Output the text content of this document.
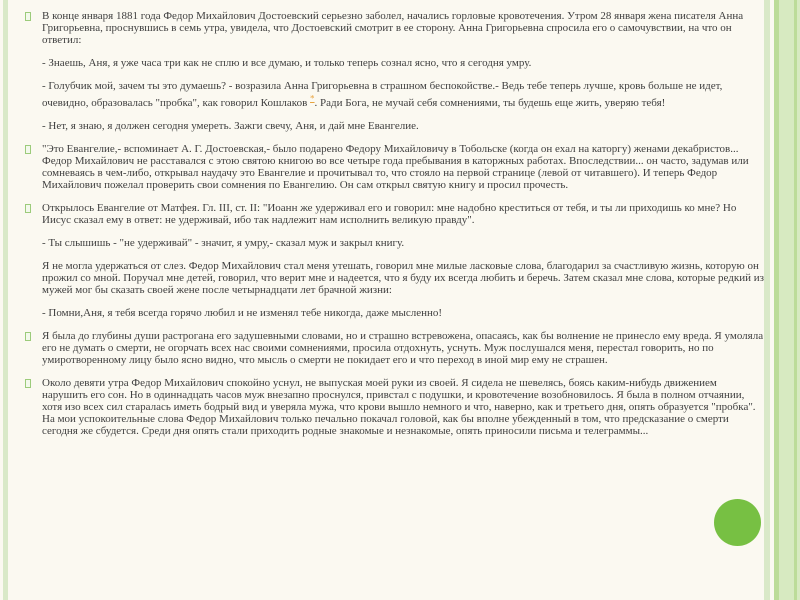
В конце января 1881 года Федор Михайлович Достоевский серьезно заболел, начались горловые кровотечения. Утром 28 января жена писателя Анна Григорьевна, проснувшись в семь утра, увидела, что Достоевский смотрит в ее сторону. Анна Григорьевна спросила его о самочувствии, на что он ответил:
- Знаешь, Аня, я уже часа три как не сплю и все думаю, и только теперь сознал ясно, что я сегодня умру.
- Голубчик мой, зачем ты это думаешь? - возразила Анна Григорьевна в страшном беспокойстве.- Ведь тебе теперь лучше, кровь больше не идет, очевидно, образовалась "пробка", как говорил Кошлаков *. Ради Бога, не мучай себя сомнениями, ты будешь еще жить, уверяю тебя!
- Нет, я знаю, я должен сегодня умереть. Зажги свечу, Аня, и дай мне Евангелие.
"Это Евангелие,- вспоминает А. Г. Достоевская,- было подарено Федору Михайловичу в Тобольске (когда он ехал на каторгу) женами декабристов... Федор Михайлович не расставался с этою святою книгою во все четыре года пребывания в каторжных работах. Впоследствии... он часто, задумав или сомневаясь в чем-либо, открывал наудачу это Евангелие и прочитывал то, что стояло на первой странице (левой от читавшего). И теперь Федор Михайлович пожелал проверить свои сомнения по Евангелию. Он сам открыл святую книгу и просил прочесть.
Открылось Евангелие от Матфея. Гл. III, ст. II: "Иоанн же удерживал его и говорил: мне надобно креститься от тебя, и ты ли приходишь ко мне? Но Иисус сказал ему в ответ: не удерживай, ибо так надлежит нам исполнить великую правду".
- Ты слышишь - "не удерживай" - значит, я умру,- сказал муж и закрыл книгу.
Я не могла удержаться от слез. Федор Михайлович стал меня утешать, говорил мне милые ласковые слова, благодарил за счастливую жизнь, которую он прожил со мной. Поручал мне детей, говорил, что верит мне и надеется, что я буду их всегда любить и беречь. Затем сказал мне слова, которые редкий из мужей мог бы сказать своей жене после четырнадцати лет брачной жизни:
- Помни,Аня, я тебя всегда горячо любил и не изменял тебе никогда, даже мысленно!
Я была до глубины души растрогана его задушевными словами, но и страшно встревожена, опасаясь, как бы волнение не принесло ему вреда. Я умоляла его не думать о смерти, не огорчать всех нас своими сомнениями, просила отдохнуть, уснуть. Муж послушался меня, перестал говорить, но по умиротворенному лицу было ясно видно, что мысль о смерти не покидает его и что переход в иной мир ему не страшен.
Около девяти утра Федор Михайлович спокойно уснул, не выпуская моей руки из своей. Я сидела не шевелясь, боясь каким-нибудь движением нарушить его сон. Но в одиннадцать часов муж внезапно проснулся, привстал с подушки, и кровотечение возобновилось. Я была в полном отчаянии, хотя изо всех сил старалась иметь бодрый вид и уверяла мужа, что крови вышло немного и что, наверно, как и третьего дня, опять образуется "пробка". На мои успокоительные слова Федор Михайлович только печально покачал головой, как бы вполне убежденный в том, что предсказание о смерти сегодня же сбудется. Среди дня опять стали приходить родные знакомые и незнакомые, опять приносили письма и телеграммы...
